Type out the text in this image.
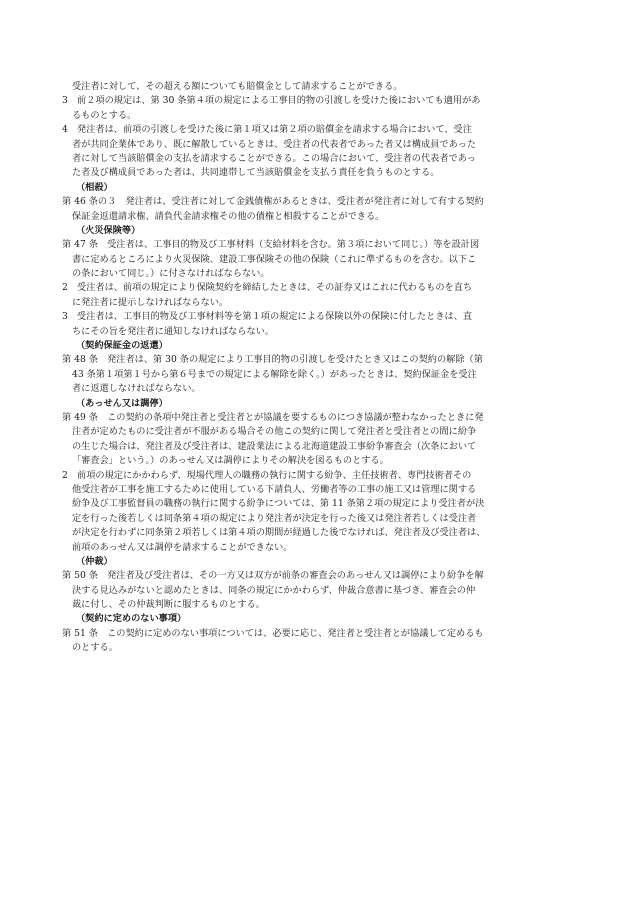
受注者に対して、その超える額についても賠償金として請求することができる。
3　前２項の規定は、第 30 条第４項の規定による工事目的物の引渡しを受けた後においても適用があ
るものとする。
4　発注者は、前項の引渡しを受けた後に第１項又は第２項の賠償金を請求する場合において、受注
者が共同企業体であり、既に解散しているときは、受注者の代表者であった者又は構成員であった
者に対して当該賠償金の支払を請求することができる。この場合において、受注者の代表者であっ
た者及び構成員であった者は、共同連帯して当該賠償金を支払う責任を負うものとする。
（相殺）
第 46 条の３　発注者は、受注者に対して金銭債権があるときは、受注者が発注者に対して有する契約
保証金返還請求権、請負代金請求権その他の債権と相殺することができる。
（火災保険等）
第 47 条　受注者は、工事目的物及び工事材料（支給材料を含む。第３項において同じ。）等を設計図
書に定めるところにより火災保険、建設工事保険その他の保険（これに準ずるものを含む。以下こ
の条において同じ。）に付さなければならない。
2　受注者は、前項の規定により保険契約を締結したときは、その証券又はこれに代わるものを直ち
に発注者に提示しなければならない。
3　受注者は、工事目的物及び工事材料等を第１項の規定による保険以外の保険に付したときは、直
ちにその旨を発注者に通知しなければならない。
（契約保証金の返還）
第 48 条　発注者は、第 30 条の規定により工事目的物の引渡しを受けたとき又はこの契約の解除（第
43 条第１項第１号から第６号までの規定による解除を除く。）があったときは、契約保証金を受注
者に返還しなければならない。
（あっせん又は調停）
第 49 条　この契約の条項中発注者と受注者とが協議を要するものにつき協議が整わなかったときに発
注者が定めたものに受注者が不服がある場合その他この契約に関して発注者と受注者との間に紛争
の生じた場合は、発注者及び受注者は、建設業法による北海道建設工事紛争審査会（次条において
「審査会」という。）のあっせん又は調停によりその解決を図るものとする。
2　前項の規定にかかわらず、現場代理人の職務の執行に関する紛争、主任技術者、専門技術者その
他受注者が工事を施工するために使用している下請負人、労働者等の工事の施工又は管理に関する
紛争及び工事監督員の職務の執行に関する紛争については、第 11 条第２項の規定により受注者が決
定を行った後若しくは同条第４項の規定により発注者が決定を行った後又は発注者若しくは受注者
が決定を行わずに同条第２項若しくは第４項の期間が経過した後でなければ、発注者及び受注者は、
前項のあっせん又は調停を請求することができない。
（仲裁）
第 50 条　発注者及び受注者は、その一方又は双方が前条の審査会のあっせん又は調停により紛争を解
決する見込みがないと認めたときは、同条の規定にかかわらず、仲裁合意書に基づき、審査会の仲
裁に付し、その仲裁判断に服するものとする。
（契約に定めのない事項）
第 51 条　この契約に定めのない事項については、必要に応じ、発注者と受注者とが協議して定めるも
のとする。
